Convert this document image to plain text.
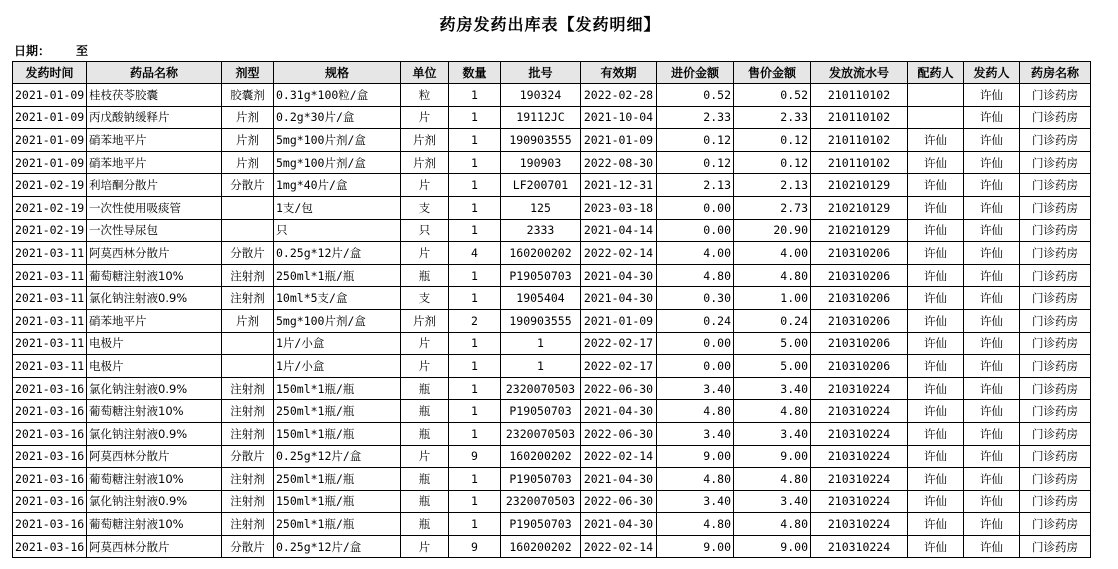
药房发药出库表【发药明细】
日期： 至
发药时间	药品名称	剂型	规格	单位	数量	批号	有效期	进价金额	售价金额	发放流水号	配药人	发药人	药房名称
2021-01-09	桂枝茯苓胶囊	胶囊剂	0.31g*100粒/盒	粒	1	190324	2022-02-28	0.52	0.52	210110102		许仙	门诊药房
2021-01-09	丙戊酸钠缓释片	片剂	0.2g*30片/盒	片	1	19112JC	2021-10-04	2.33	2.33	210110102		许仙	门诊药房
2021-01-09	硝苯地平片	片剂	5mg*100片剂/盒	片剂	1	190903555	2021-01-09	0.12	0.12	210110102	许仙	许仙	门诊药房
2021-01-09	硝苯地平片	片剂	5mg*100片剂/盒	片剂	1	190903	2022-08-30	0.12	0.12	210110102	许仙	许仙	门诊药房
2021-02-19	利培酮分散片	分散片	1mg*40片/盒	片	1	LF200701	2021-12-31	2.13	2.13	210210129	许仙	许仙	门诊药房
2021-02-19	一次性使用吸痰管		1支/包	支	1	125	2023-03-18	0.00	2.73	210210129	许仙	许仙	门诊药房
2021-02-19	一次性导尿包		只	只	1	2333	2021-04-14	0.00	20.90	210210129	许仙	许仙	门诊药房
2021-03-11	阿莫西林分散片	分散片	0.25g*12片/盒	片	4	160200202	2022-02-14	4.00	4.00	210310206	许仙	许仙	门诊药房
2021-03-11	葡萄糖注射液10%	注射剂	250ml*1瓶/瓶	瓶	1	P19050703	2021-04-30	4.80	4.80	210310206	许仙	许仙	门诊药房
2021-03-11	氯化钠注射液0.9%	注射剂	10ml*5支/盒	支	1	1905404	2021-04-30	0.30	1.00	210310206	许仙	许仙	门诊药房
2021-03-11	硝苯地平片	片剂	5mg*100片剂/盒	片剂	2	190903555	2021-01-09	0.24	0.24	210310206	许仙	许仙	门诊药房
2021-03-11	电极片		1片/小盒	片	1	1	2022-02-17	0.00	5.00	210310206	许仙	许仙	门诊药房
2021-03-11	电极片		1片/小盒	片	1	1	2022-02-17	0.00	5.00	210310206	许仙	许仙	门诊药房
2021-03-16	氯化钠注射液0.9%	注射剂	150ml*1瓶/瓶	瓶	1	2320070503	2022-06-30	3.40	3.40	210310224	许仙	许仙	门诊药房
2021-03-16	葡萄糖注射液10%	注射剂	250ml*1瓶/瓶	瓶	1	P19050703	2021-04-30	4.80	4.80	210310224	许仙	许仙	门诊药房
2021-03-16	氯化钠注射液0.9%	注射剂	150ml*1瓶/瓶	瓶	1	2320070503	2022-06-30	3.40	3.40	210310224	许仙	许仙	门诊药房
2021-03-16	阿莫西林分散片	分散片	0.25g*12片/盒	片	9	160200202	2022-02-14	9.00	9.00	210310224	许仙	许仙	门诊药房
2021-03-16	葡萄糖注射液10%	注射剂	250ml*1瓶/瓶	瓶	1	P19050703	2021-04-30	4.80	4.80	210310224	许仙	许仙	门诊药房
2021-03-16	氯化钠注射液0.9%	注射剂	150ml*1瓶/瓶	瓶	1	2320070503	2022-06-30	3.40	3.40	210310224	许仙	许仙	门诊药房
2021-03-16	葡萄糖注射液10%	注射剂	250ml*1瓶/瓶	瓶	1	P19050703	2021-04-30	4.80	4.80	210310224	许仙	许仙	门诊药房
2021-03-16	阿莫西林分散片	分散片	0.25g*12片/盒	片	9	160200202	2022-02-14	9.00	9.00	210310224	许仙	许仙	门诊药房
